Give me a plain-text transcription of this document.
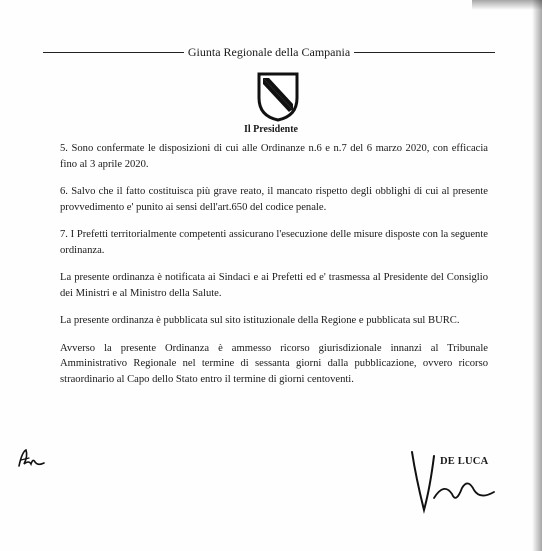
Giunta Regionale della Campania
Il Presidente

5. Sono confermate le disposizioni di cui alle Ordinanze n.6 e n.7 del 6 marzo 2020, con efficacia fino al 3 aprile 2020.

6. Salvo che il fatto costituisca più grave reato, il mancato rispetto degli obblighi di cui al presente provvedimento e' punito ai sensi dell'art.650 del codice penale.

7. I Prefetti territorialmente competenti assicurano l'esecuzione delle misure disposte con la seguente ordinanza.

La presente ordinanza è notificata ai Sindaci e ai Prefetti ed e' trasmessa al Presidente del Consiglio dei Ministri e al Ministro della Salute.

La presente ordinanza è pubblicata sul sito istituzionale della Regione e pubblicata sul BURC.

Avverso la presente Ordinanza è ammesso ricorso giurisdizionale innanzi al Tribunale Amministrativo Regionale nel termine di sessanta giorni dalla pubblicazione, ovvero ricorso straordinario al Capo dello Stato entro il termine di giorni centoventi.

DE LUCA
